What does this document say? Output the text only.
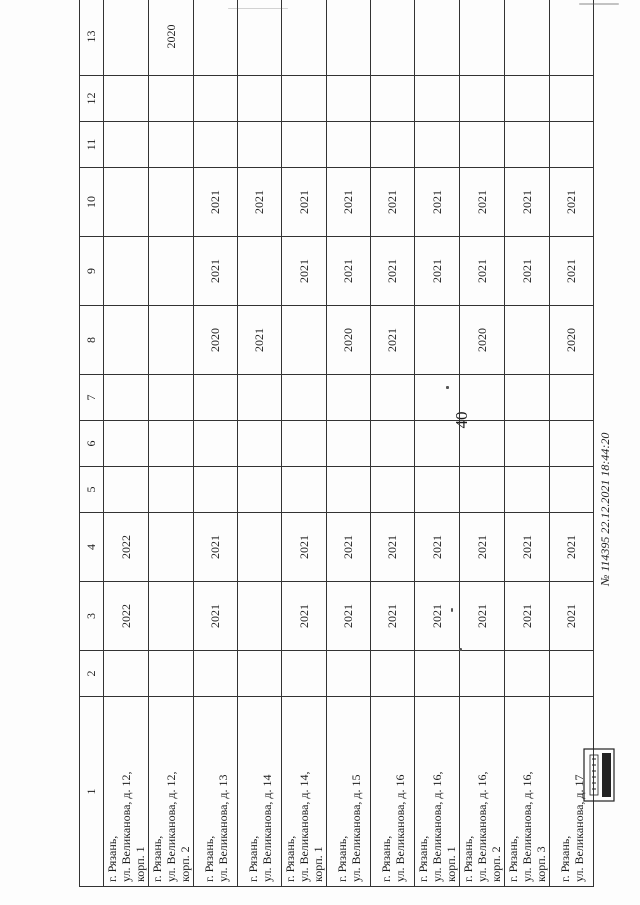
40
1	2	3	4	5	6	7	8	9	10	11	12	13

г. Рязань, ул. Великанова, д. 12, корп. 1		2022	2022									

г. Рязань, ул. Великанова, д. 12, корп. 2												2020

г. Рязань, ул. Великанова, д. 13		2021	2021				2020	2021	2021			

г. Рязань, ул. Великанова, д. 14							2021		2021			

г. Рязань, ул. Великанова, д. 14, корп. 1		2021	2021					2021	2021			

г. Рязань, ул. Великанова, д. 15		2021	2021				2020	2021	2021			

г. Рязань, ул. Великанова, д. 16		2021	2021				2021	2021	2021			

г. Рязань, ул. Великанова, д. 16, корп. 1		2021	2021					2021	2021			

г. Рязань, ул. Великанова, д. 16, корп. 2		2021	2021				2020	2021	2021			

г. Рязань, ул. Великанова, д. 16, корп. 3		2021	2021					2021	2021			

г. Рязань, ул. Великанова, д. 17		2021	2021				2020	2021	2021			
№ 114395 22.12.2021 18:44:20
